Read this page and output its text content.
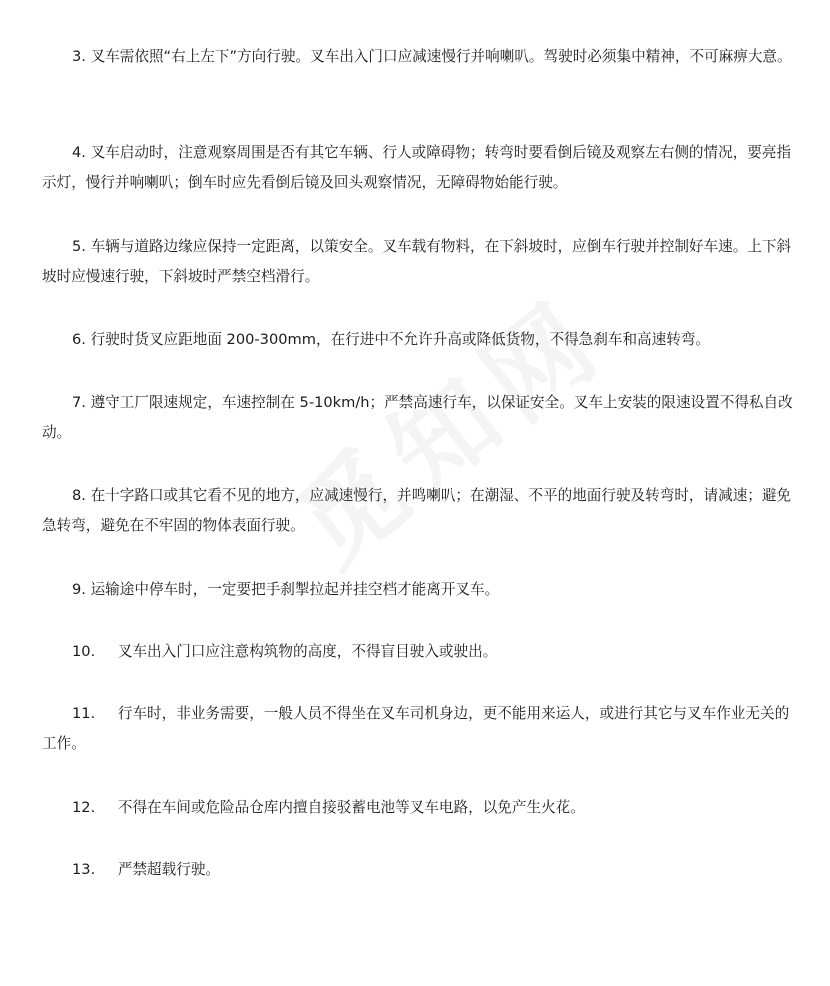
3. 叉车需依照“右上左下”方向行驶。叉车出入门口应减速慢行并响喇叭。驾驶时必须集中精神，不可麻痹大意。

4. 叉车启动时，注意观察周围是否有其它车辆、行人或障碍物；转弯时要看倒后镜及观察左右侧的情况，要亮指示灯，慢行并响喇叭；倒车时应先看倒后镜及回头观察情况，无障碍物始能行驶。

5. 车辆与道路边缘应保持一定距离，以策安全。叉车载有物料，在下斜坡时，应倒车行驶并控制好车速。上下斜坡时应慢速行驶，下斜坡时严禁空档滑行。

6. 行驶时货叉应距地面 200-300mm，在行进中不允许升高或降低货物，不得急刹车和高速转弯。

7. 遵守工厂限速规定，车速控制在 5-10km/h；严禁高速行车，以保证安全。叉车上安装的限速设置不得私自改动。

8. 在十字路口或其它看不见的地方，应减速慢行，并鸣喇叭；在潮湿、不平的地面行驶及转弯时，请减速；避免急转弯，避免在不牢固的物体表面行驶。

9. 运输途中停车时，一定要把手刹掣拉起并挂空档才能离开叉车。

10. 叉车出入门口应注意构筑物的高度，不得盲目驶入或驶出。

11. 行车时，非业务需要，一般人员不得坐在叉车司机身边，更不能用来运人，或进行其它与叉车作业无关的工作。

12. 不得在车间或危险品仓库内擅自接驳蓄电池等叉车电路，以免产生火花。

13. 严禁超载行驶。
